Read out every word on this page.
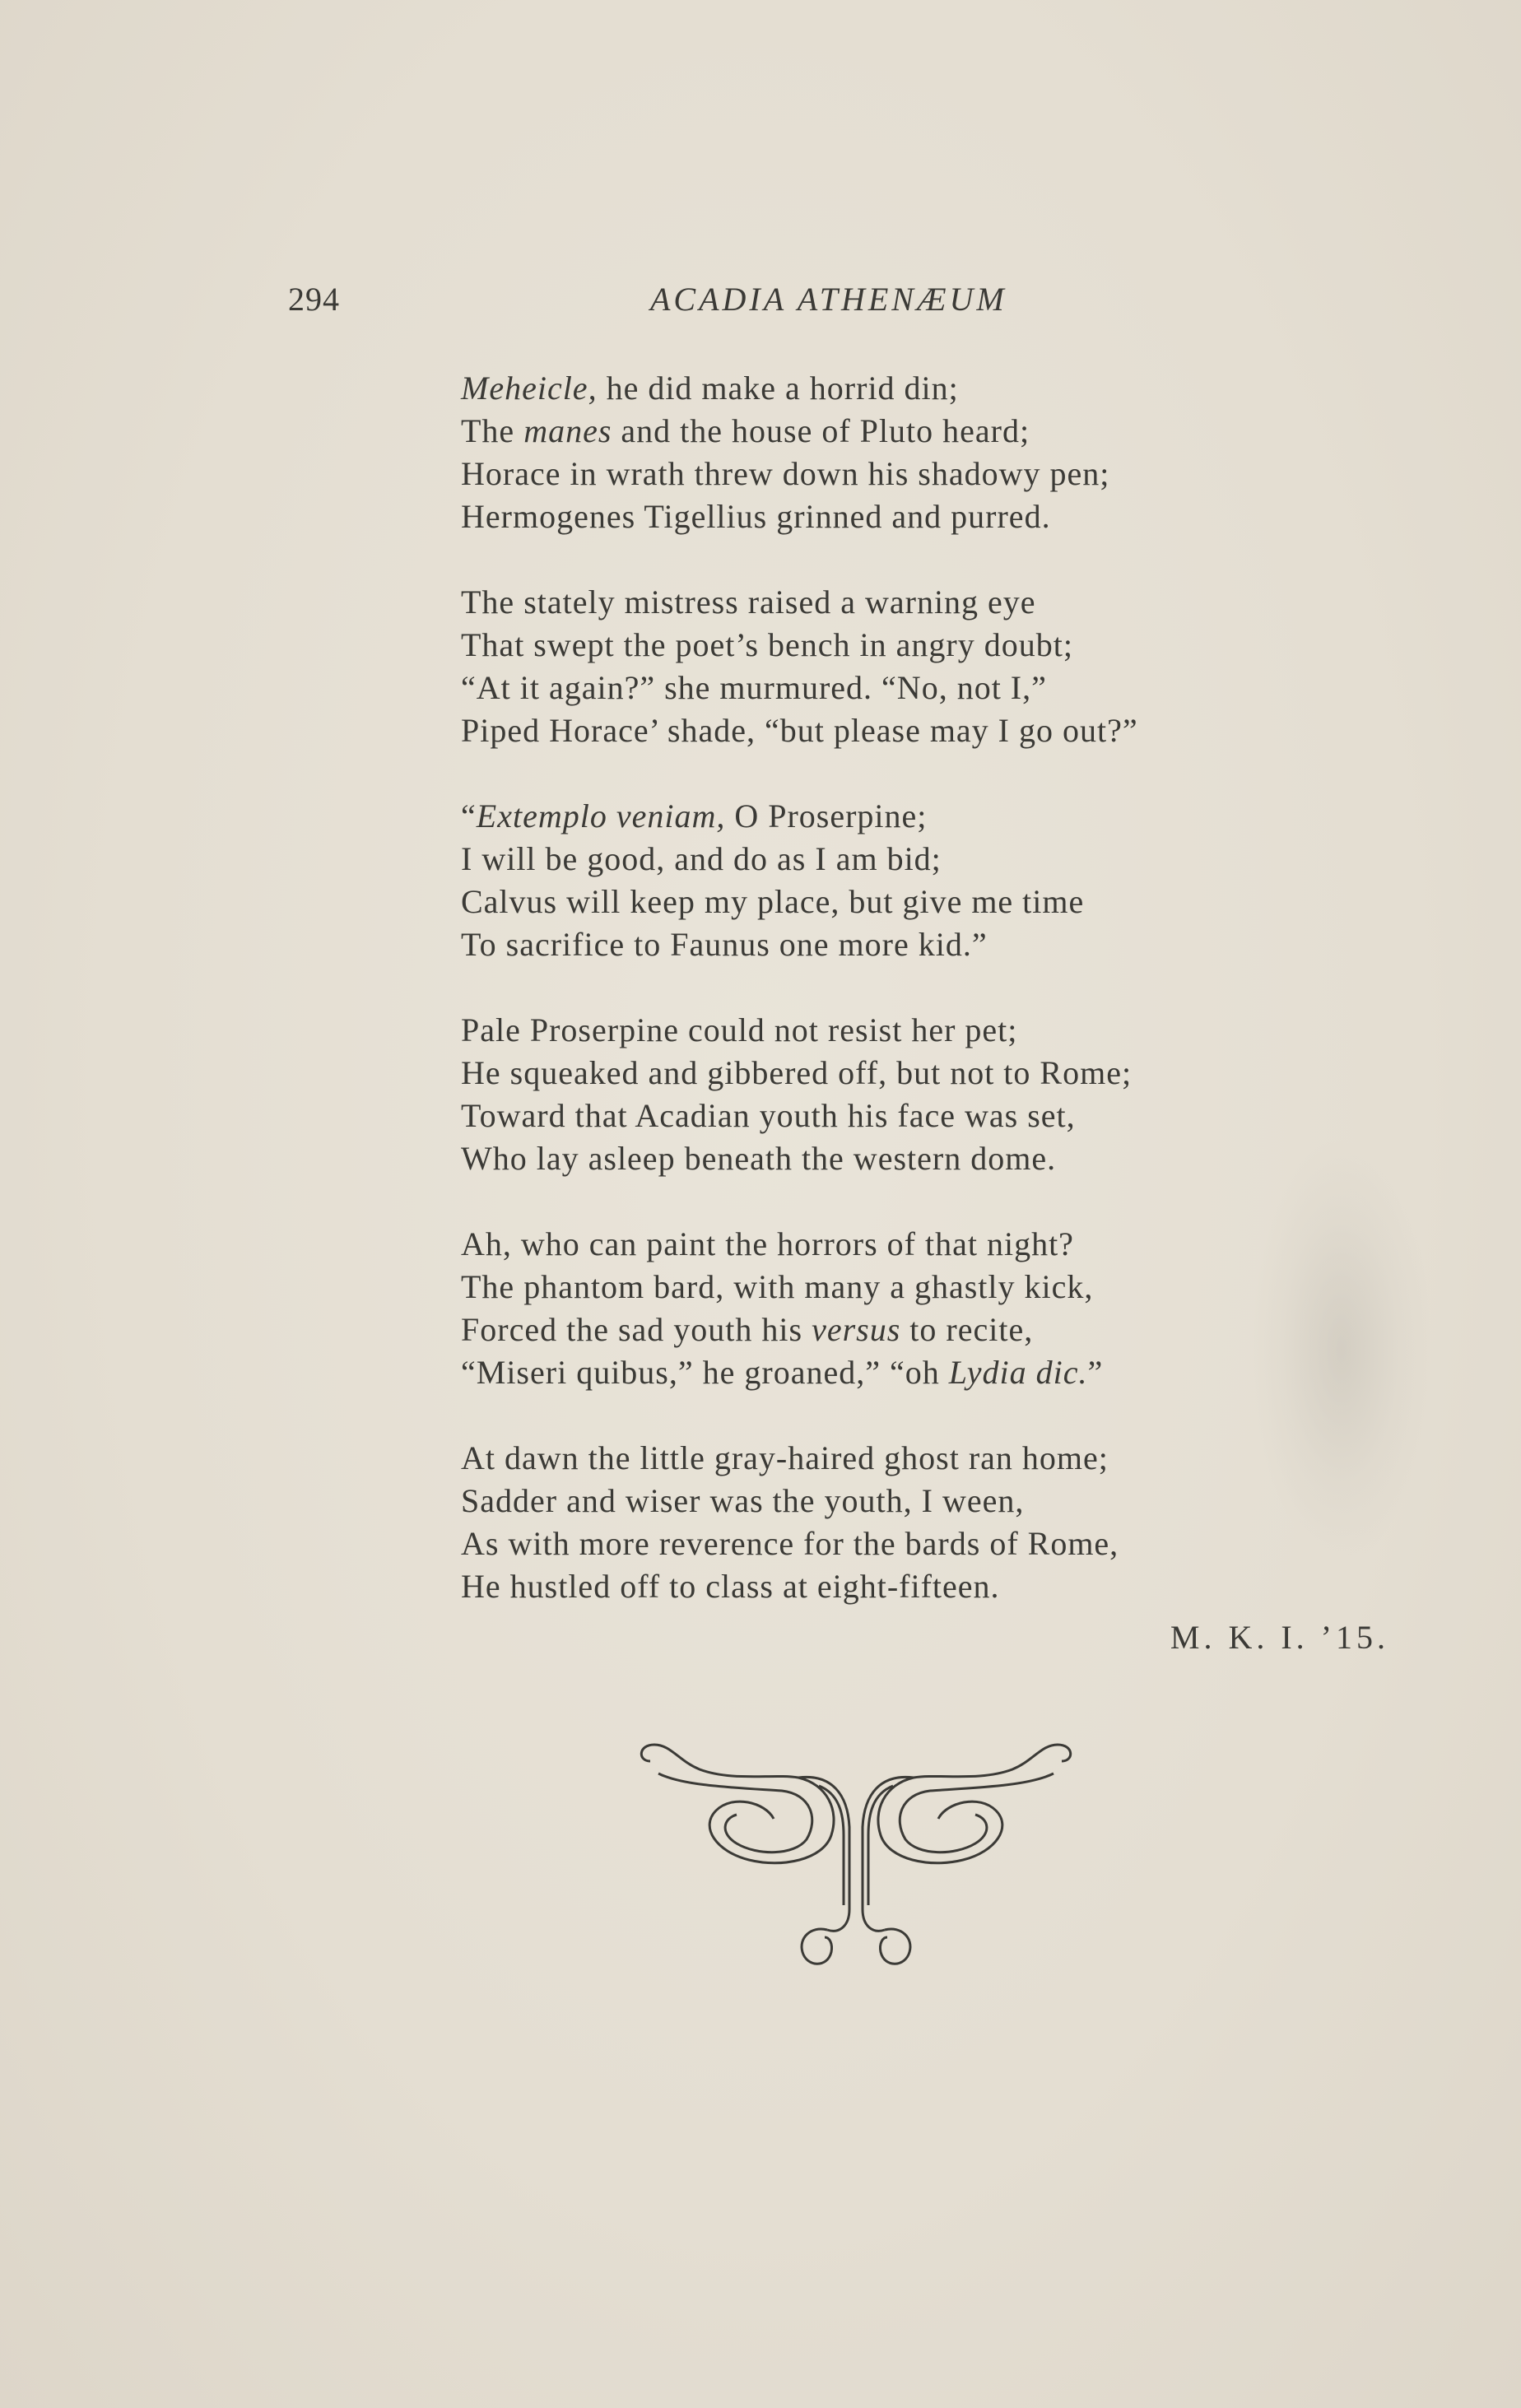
294	ACADIA ATHENÆUM
Meheicle, he did make a horrid din;
The manes and the house of Pluto heard;
Horace in wrath threw down his shadowy pen;
Hermogenes Tigellius grinned and purred.
The stately mistress raised a warning eye
That swept the poet’s bench in angry doubt;
“At it again?” she murmured. “No, not I,”
Piped Horace’ shade, “but please may I go out?”
“Extemplo veniam, O Proserpine;
I will be good, and do as I am bid;
Calvus will keep my place, but give me time
To sacrifice to Faunus one more kid.”
Pale Proserpine could not resist her pet;
He squeaked and gibbered off, but not to Rome;
Toward that Acadian youth his face was set,
Who lay asleep beneath the western dome.
Ah, who can paint the horrors of that night?
The phantom bard, with many a ghastly kick,
Forced the sad youth his versus to recite,
“Miseri quibus,” he groaned,” “oh Lydia dic.”
At dawn the little gray-haired ghost ran home;
Sadder and wiser was the youth, I ween,
As with more reverence for the bards of Rome,
He hustled off to class at eight-fifteen.
M. K. I. ’15.
